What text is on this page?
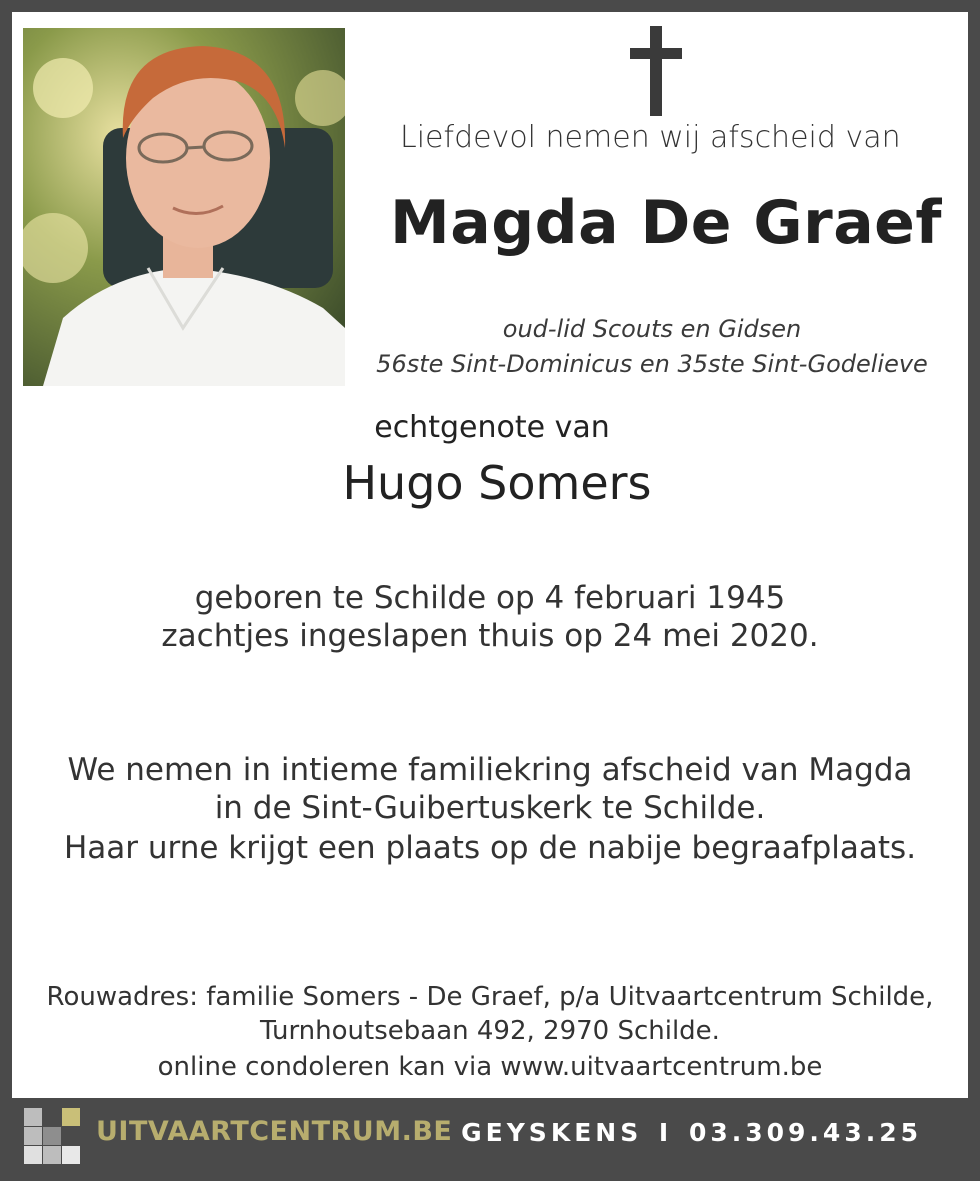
Liefdevol nemen wij afscheid van
Magda De Graef
oud-lid Scouts en Gidsen
56ste Sint-Dominicus en 35ste Sint-Godelieve
echtgenote van
Hugo Somers
geboren te Schilde op 4 februari 1945
zachtjes ingeslapen thuis op 24 mei 2020.
We nemen in intieme familiekring afscheid van Magda
in de Sint-Guibertuskerk te Schilde.
Haar urne krijgt een plaats op de nabije begraafplaats.
Rouwadres: familie Somers - De Graef, p/a Uitvaartcentrum Schilde,
Turnhoutsebaan 492, 2970 Schilde.
online condoleren kan via www.uitvaartcentrum.be
UITVAARTCENTRUM.BE GEYSKENS I 03.309.43.25
